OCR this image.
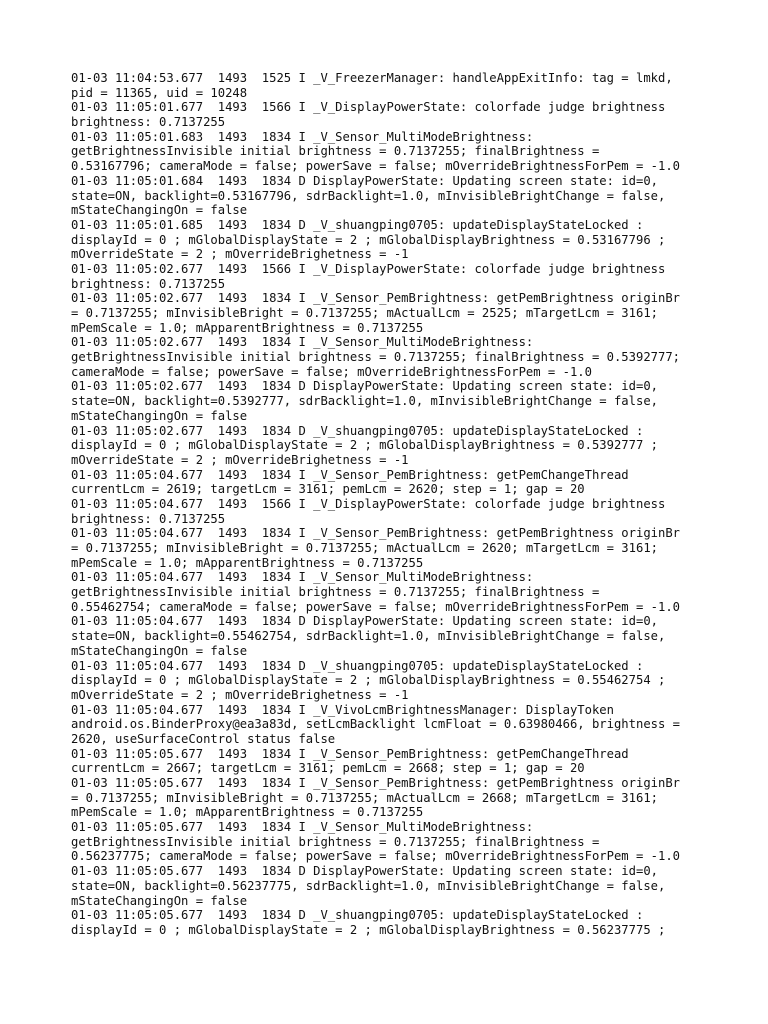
01-03 11:04:53.677  1493  1525 I _V_FreezerManager: handleAppExitInfo: tag = lmkd,
pid = 11365, uid = 10248
01-03 11:05:01.677  1493  1566 I _V_DisplayPowerState: colorfade judge brightness
brightness: 0.7137255
01-03 11:05:01.683  1493  1834 I _V_Sensor_MultiModeBrightness:
getBrightnessInvisible initial brightness = 0.7137255; finalBrightness =
0.53167796; cameraMode = false; powerSave = false; mOverrideBrightnessForPem = -1.0
01-03 11:05:01.684  1493  1834 D DisplayPowerState: Updating screen state: id=0,
state=ON, backlight=0.53167796, sdrBacklight=1.0, mInvisibleBrightChange = false,
mStateChangingOn = false
01-03 11:05:01.685  1493  1834 D _V_shuangping0705: updateDisplayStateLocked :
displayId = 0 ; mGlobalDisplayState = 2 ; mGlobalDisplayBrightness = 0.53167796 ;
mOverrideState = 2 ; mOverrideBrighetness = -1
01-03 11:05:02.677  1493  1566 I _V_DisplayPowerState: colorfade judge brightness
brightness: 0.7137255
01-03 11:05:02.677  1493  1834 I _V_Sensor_PemBrightness: getPemBrightness originBr
= 0.7137255; mInvisibleBright = 0.7137255; mActualLcm = 2525; mTargetLcm = 3161;
mPemScale = 1.0; mApparentBrightness = 0.7137255
01-03 11:05:02.677  1493  1834 I _V_Sensor_MultiModeBrightness:
getBrightnessInvisible initial brightness = 0.7137255; finalBrightness = 0.5392777;
cameraMode = false; powerSave = false; mOverrideBrightnessForPem = -1.0
01-03 11:05:02.677  1493  1834 D DisplayPowerState: Updating screen state: id=0,
state=ON, backlight=0.5392777, sdrBacklight=1.0, mInvisibleBrightChange = false,
mStateChangingOn = false
01-03 11:05:02.677  1493  1834 D _V_shuangping0705: updateDisplayStateLocked :
displayId = 0 ; mGlobalDisplayState = 2 ; mGlobalDisplayBrightness = 0.5392777 ;
mOverrideState = 2 ; mOverrideBrighetness = -1
01-03 11:05:04.677  1493  1834 I _V_Sensor_PemBrightness: getPemChangeThread
currentLcm = 2619; targetLcm = 3161; pemLcm = 2620; step = 1; gap = 20
01-03 11:05:04.677  1493  1566 I _V_DisplayPowerState: colorfade judge brightness
brightness: 0.7137255
01-03 11:05:04.677  1493  1834 I _V_Sensor_PemBrightness: getPemBrightness originBr
= 0.7137255; mInvisibleBright = 0.7137255; mActualLcm = 2620; mTargetLcm = 3161;
mPemScale = 1.0; mApparentBrightness = 0.7137255
01-03 11:05:04.677  1493  1834 I _V_Sensor_MultiModeBrightness:
getBrightnessInvisible initial brightness = 0.7137255; finalBrightness =
0.55462754; cameraMode = false; powerSave = false; mOverrideBrightnessForPem = -1.0
01-03 11:05:04.677  1493  1834 D DisplayPowerState: Updating screen state: id=0,
state=ON, backlight=0.55462754, sdrBacklight=1.0, mInvisibleBrightChange = false,
mStateChangingOn = false
01-03 11:05:04.677  1493  1834 D _V_shuangping0705: updateDisplayStateLocked :
displayId = 0 ; mGlobalDisplayState = 2 ; mGlobalDisplayBrightness = 0.55462754 ;
mOverrideState = 2 ; mOverrideBrighetness = -1
01-03 11:05:04.677  1493  1834 I _V_VivoLcmBrightnessManager: DisplayToken
android.os.BinderProxy@ea3a83d, setLcmBacklight lcmFloat = 0.63980466, brightness =
2620, useSurfaceControl status false
01-03 11:05:05.677  1493  1834 I _V_Sensor_PemBrightness: getPemChangeThread
currentLcm = 2667; targetLcm = 3161; pemLcm = 2668; step = 1; gap = 20
01-03 11:05:05.677  1493  1834 I _V_Sensor_PemBrightness: getPemBrightness originBr
= 0.7137255; mInvisibleBright = 0.7137255; mActualLcm = 2668; mTargetLcm = 3161;
mPemScale = 1.0; mApparentBrightness = 0.7137255
01-03 11:05:05.677  1493  1834 I _V_Sensor_MultiModeBrightness:
getBrightnessInvisible initial brightness = 0.7137255; finalBrightness =
0.56237775; cameraMode = false; powerSave = false; mOverrideBrightnessForPem = -1.0
01-03 11:05:05.677  1493  1834 D DisplayPowerState: Updating screen state: id=0,
state=ON, backlight=0.56237775, sdrBacklight=1.0, mInvisibleBrightChange = false,
mStateChangingOn = false
01-03 11:05:05.677  1493  1834 D _V_shuangping0705: updateDisplayStateLocked :
displayId = 0 ; mGlobalDisplayState = 2 ; mGlobalDisplayBrightness = 0.56237775 ;
